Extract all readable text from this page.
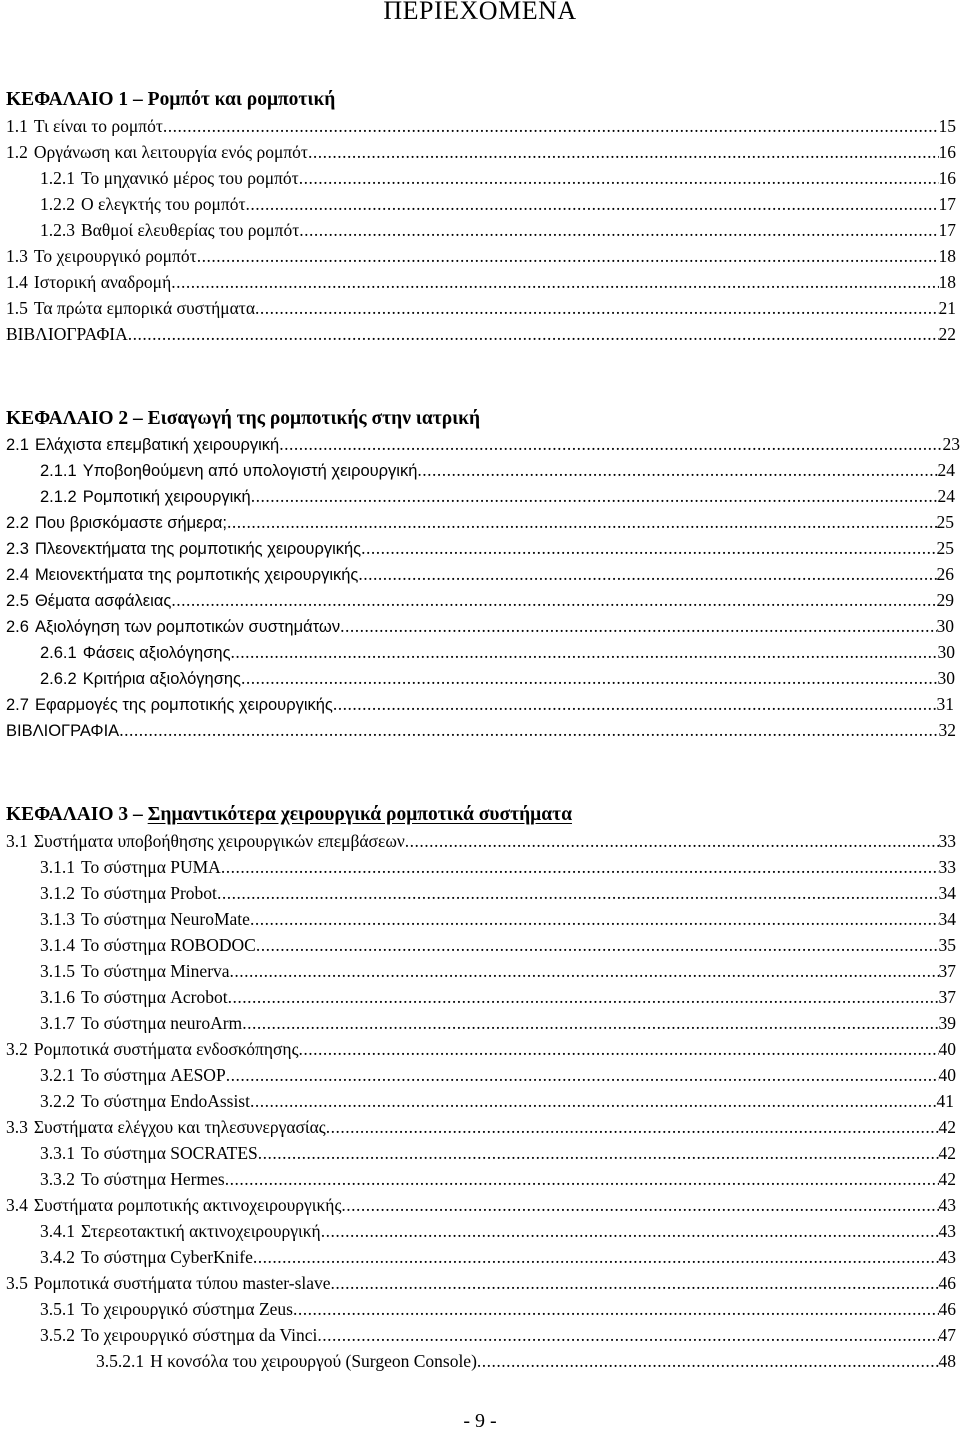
ΠΕΡΙΕΧΟΜΕΝΑ
ΚΕΦΑΛΑΙΟ 1 – Ρομπότ και ρομποτική
1.1 Τι είναι το ρομπότ .....	15
1.2 Οργάνωση και λειτουργία ενός ρομπότ .....	16
1.2.1 Το μηχανικό μέρος του ρομπότ .....	16
1.2.2 Ο ελεγκτής του ρομπότ .....	17
1.2.3 Βαθμοί ελευθερίας του ρομπότ .....	17
1.3 Το χειρουργικό ρομπότ .....	18
1.4 Ιστορική αναδρομή .....	18
1.5 Τα πρώτα εμπορικά συστήματα .....	21
ΒΙΒΛΙΟΓΡΑΦΙΑ .....	22
ΚΕΦΑΛΑΙΟ 2 – Εισαγωγή της ρομποτικής στην ιατρική
2.1 Ελάχιστα επεμβατική χειρουργική .....	23
2.1.1 Υποβοηθούμενη από υπολογιστή χειρουργική .....	24
2.1.2 Ρομποτική χειρουργική .....	24
2.2 Που βρισκόμαστε σήμερα; .....	25
2.3 Πλεονεκτήματα της ρομποτικής χειρουργικής .....	25
2.4 Μειονεκτήματα της ρομποτικής χειρουργικής .....	26
2.5 Θέματα ασφάλειας .....	29
2.6 Αξιολόγηση των ρομποτικών συστημάτων .....	30
2.6.1 Φάσεις αξιολόγησης .....	30
2.6.2 Κριτήρια αξιολόγησης .....	30
2.7 Εφαρμογές της ρομποτικής χειρουργικής .....	31
ΒΙΒΛΙΟΓΡΑΦΙΑ .....	32
ΚΕΦΑΛΑΙΟ 3 – Σημαντικότερα χειρουργικά ρομποτικά συστήματα
3.1 Συστήματα υποβοήθησης χειρουργικών επεμβάσεων .....	33
3.1.1 Το σύστημα PUMA .....	33
3.1.2 Το σύστημα Probot .....	34
3.1.3 Το σύστημα NeuroMate .....	34
3.1.4 Το σύστημα ROBODOC .....	35
3.1.5 Το σύστημα Minerva .....	37
3.1.6 Το σύστημα Acrobot .....	37
3.1.7 Το σύστημα neuroArm .....	39
3.2 Ρομποτικά συστήματα ενδοσκόπησης .....	40
3.2.1 Το σύστημα AESOP .....	40
3.2.2 Το σύστημα EndoAssist .....	41
3.3 Συστήματα ελέγχου και τηλεσυνεργασίας .....	42
3.3.1 Το σύστημα SOCRATES .....	42
3.3.2 Το σύστημα Hermes .....	42
3.4 Συστήματα ρομποτικής ακτινοχειρουργικής .....	43
3.4.1 Στερεοτακτική ακτινοχειρουργική .....	43
3.4.2 Το σύστημα CyberKnife .....	43
3.5 Ρομποτικά συστήματα τύπου master-slave .....	46
3.5.1 Το χειρουργικό σύστημα Zeus .....	46
3.5.2 Το χειρουργικό σύστημα da Vinci .....	47
3.5.2.1 Η κονσόλα του χειρουργού (Surgeon Console) .....	48
- 9 -
